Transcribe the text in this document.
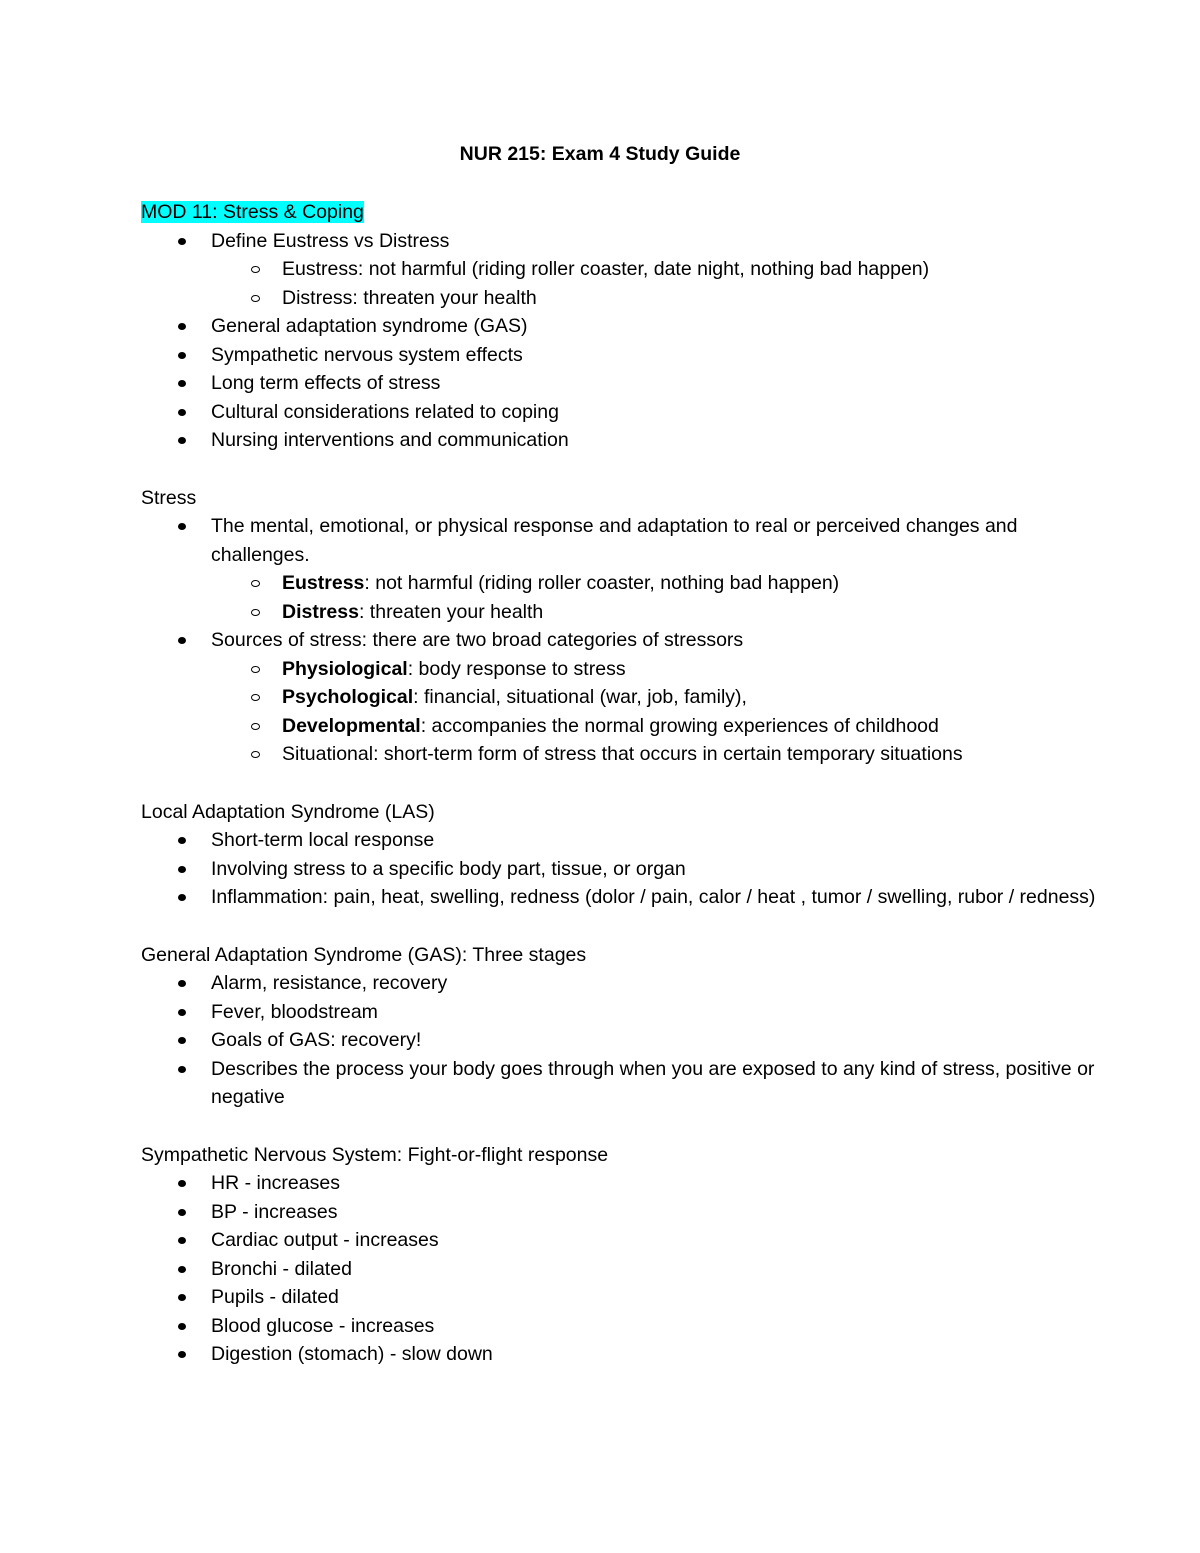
NUR 215: Exam 4 Study Guide

MOD 11: Stress & Coping

Define Eustress vs Distress
Eustress: not harmful (riding roller coaster, date night, nothing bad happen)
Distress: threaten your health
General adaptation syndrome (GAS)
Sympathetic nervous system effects
Long term effects of stress
Cultural considerations related to coping
Nursing interventions and communication

Stress

The mental, emotional, or physical response and adaptation to real or perceived changes and challenges.
Eustress: not harmful (riding roller coaster, nothing bad happen)
Distress: threaten your health
Sources of stress: there are two broad categories of stressors
Physiological: body response to stress
Psychological: financial, situational (war, job, family),
Developmental: accompanies the normal growing experiences of childhood
Situational: short-term form of stress that occurs in certain temporary situations

Local Adaptation Syndrome (LAS)

Short-term local response
Involving stress to a specific body part, tissue, or organ
Inflammation: pain, heat, swelling, redness (dolor / pain, calor / heat , tumor / swelling, rubor / redness)

General Adaptation Syndrome (GAS): Three stages

Alarm, resistance, recovery
Fever, bloodstream
Goals of GAS: recovery!
Describes the process your body goes through when you are exposed to any kind of stress, positive or negative

Sympathetic Nervous System: Fight-or-flight response

HR - increases
BP - increases
Cardiac output - increases
Bronchi - dilated
Pupils - dilated
Blood glucose - increases
Digestion (stomach) - slow down
